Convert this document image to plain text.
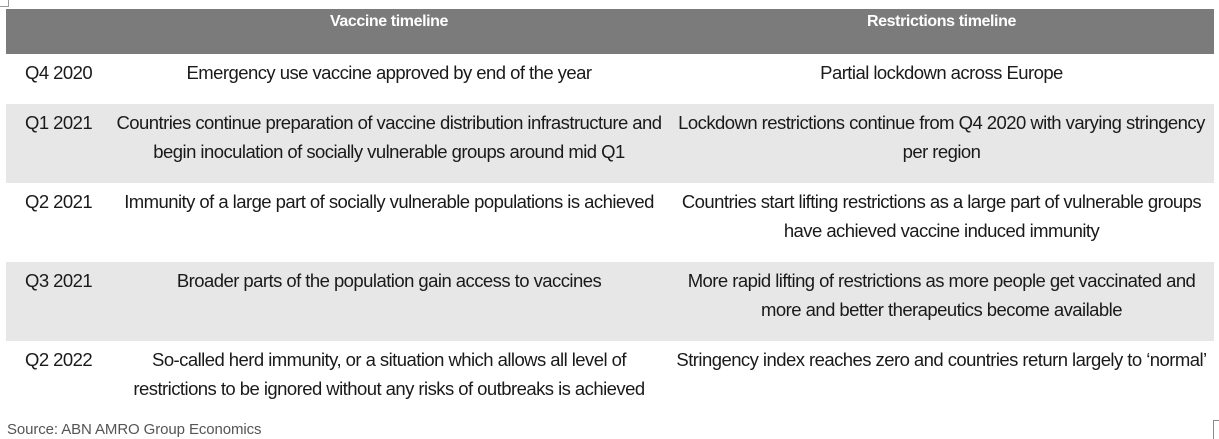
	Vaccine timeline	Restrictions timeline
Q4 2020	Emergency use vaccine approved by end of the year	Partial lockdown across Europe
Q1 2021	Countries continue preparation of vaccine distribution infrastructure and begin inoculation of socially vulnerable groups around mid Q1	Lockdown restrictions continue from Q4 2020 with varying stringency per region
Q2 2021	Immunity of a large part of socially vulnerable populations is achieved	Countries start lifting restrictions as a large part of vulnerable groups have achieved vaccine induced immunity
Q3 2021	Broader parts of the population gain access to vaccines	More rapid lifting of restrictions as more people get vaccinated and more and better therapeutics become available
Q2 2022	So-called herd immunity, or a situation which allows all level of restrictions to be ignored without any risks of outbreaks is achieved	Stringency index reaches zero and countries return largely to ‘normal’
Source: ABN AMRO Group Economics
